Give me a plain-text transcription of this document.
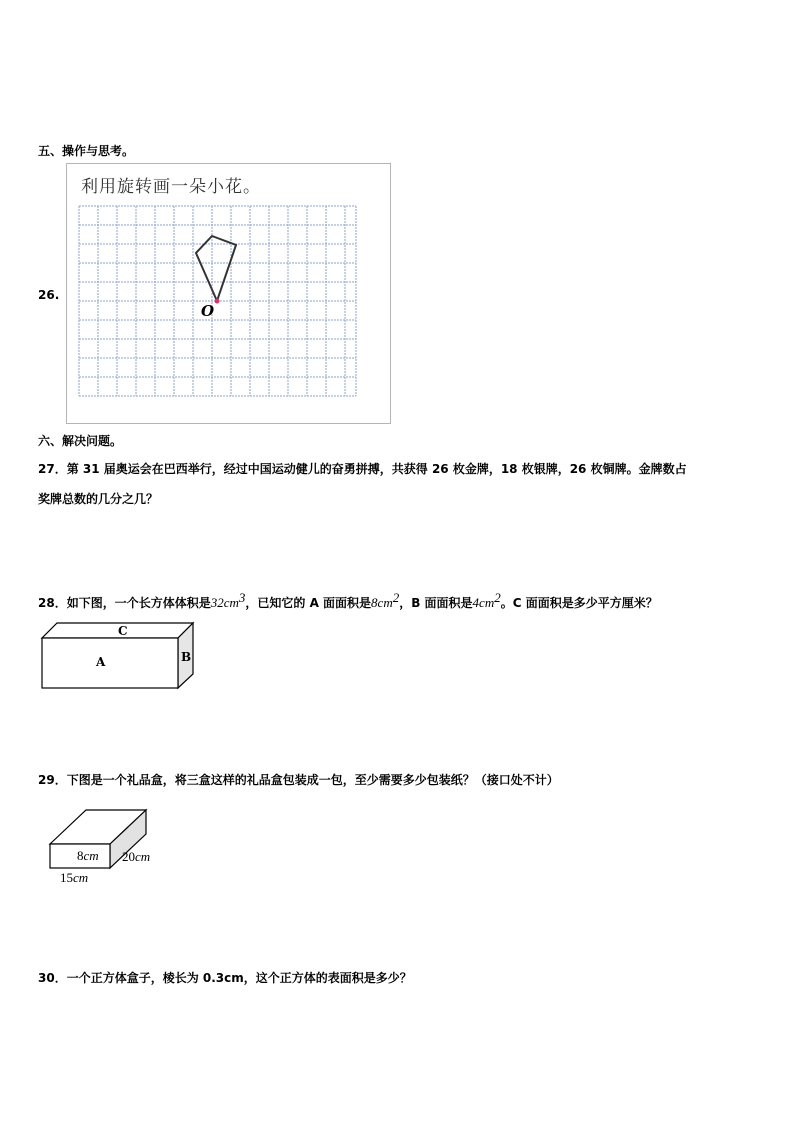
五、操作与思考。
26.
利用旋转画一朵小花。
O
六、解决问题。
27．第 31 届奥运会在巴西举行，经过中国运动健儿的奋勇拼搏，共获得 26 枚金牌，18 枚银牌，26 枚铜牌。金牌数占
奖牌总数的几分之几？
28．如下图，一个长方体体积是$32cm^3$，已知它的 A 面面积是$8cm^2$，B 面面积是$4cm^2$。C 面面积是多少平方厘米？
C
A	B
29．下图是一个礼品盒，将三盒这样的礼品盒包装成一包，至少需要多少包装纸？（接口处不计）
8cm 20cm
15cm
30．一个正方体盒子，棱长为 0.3cm，这个正方体的表面积是多少？
